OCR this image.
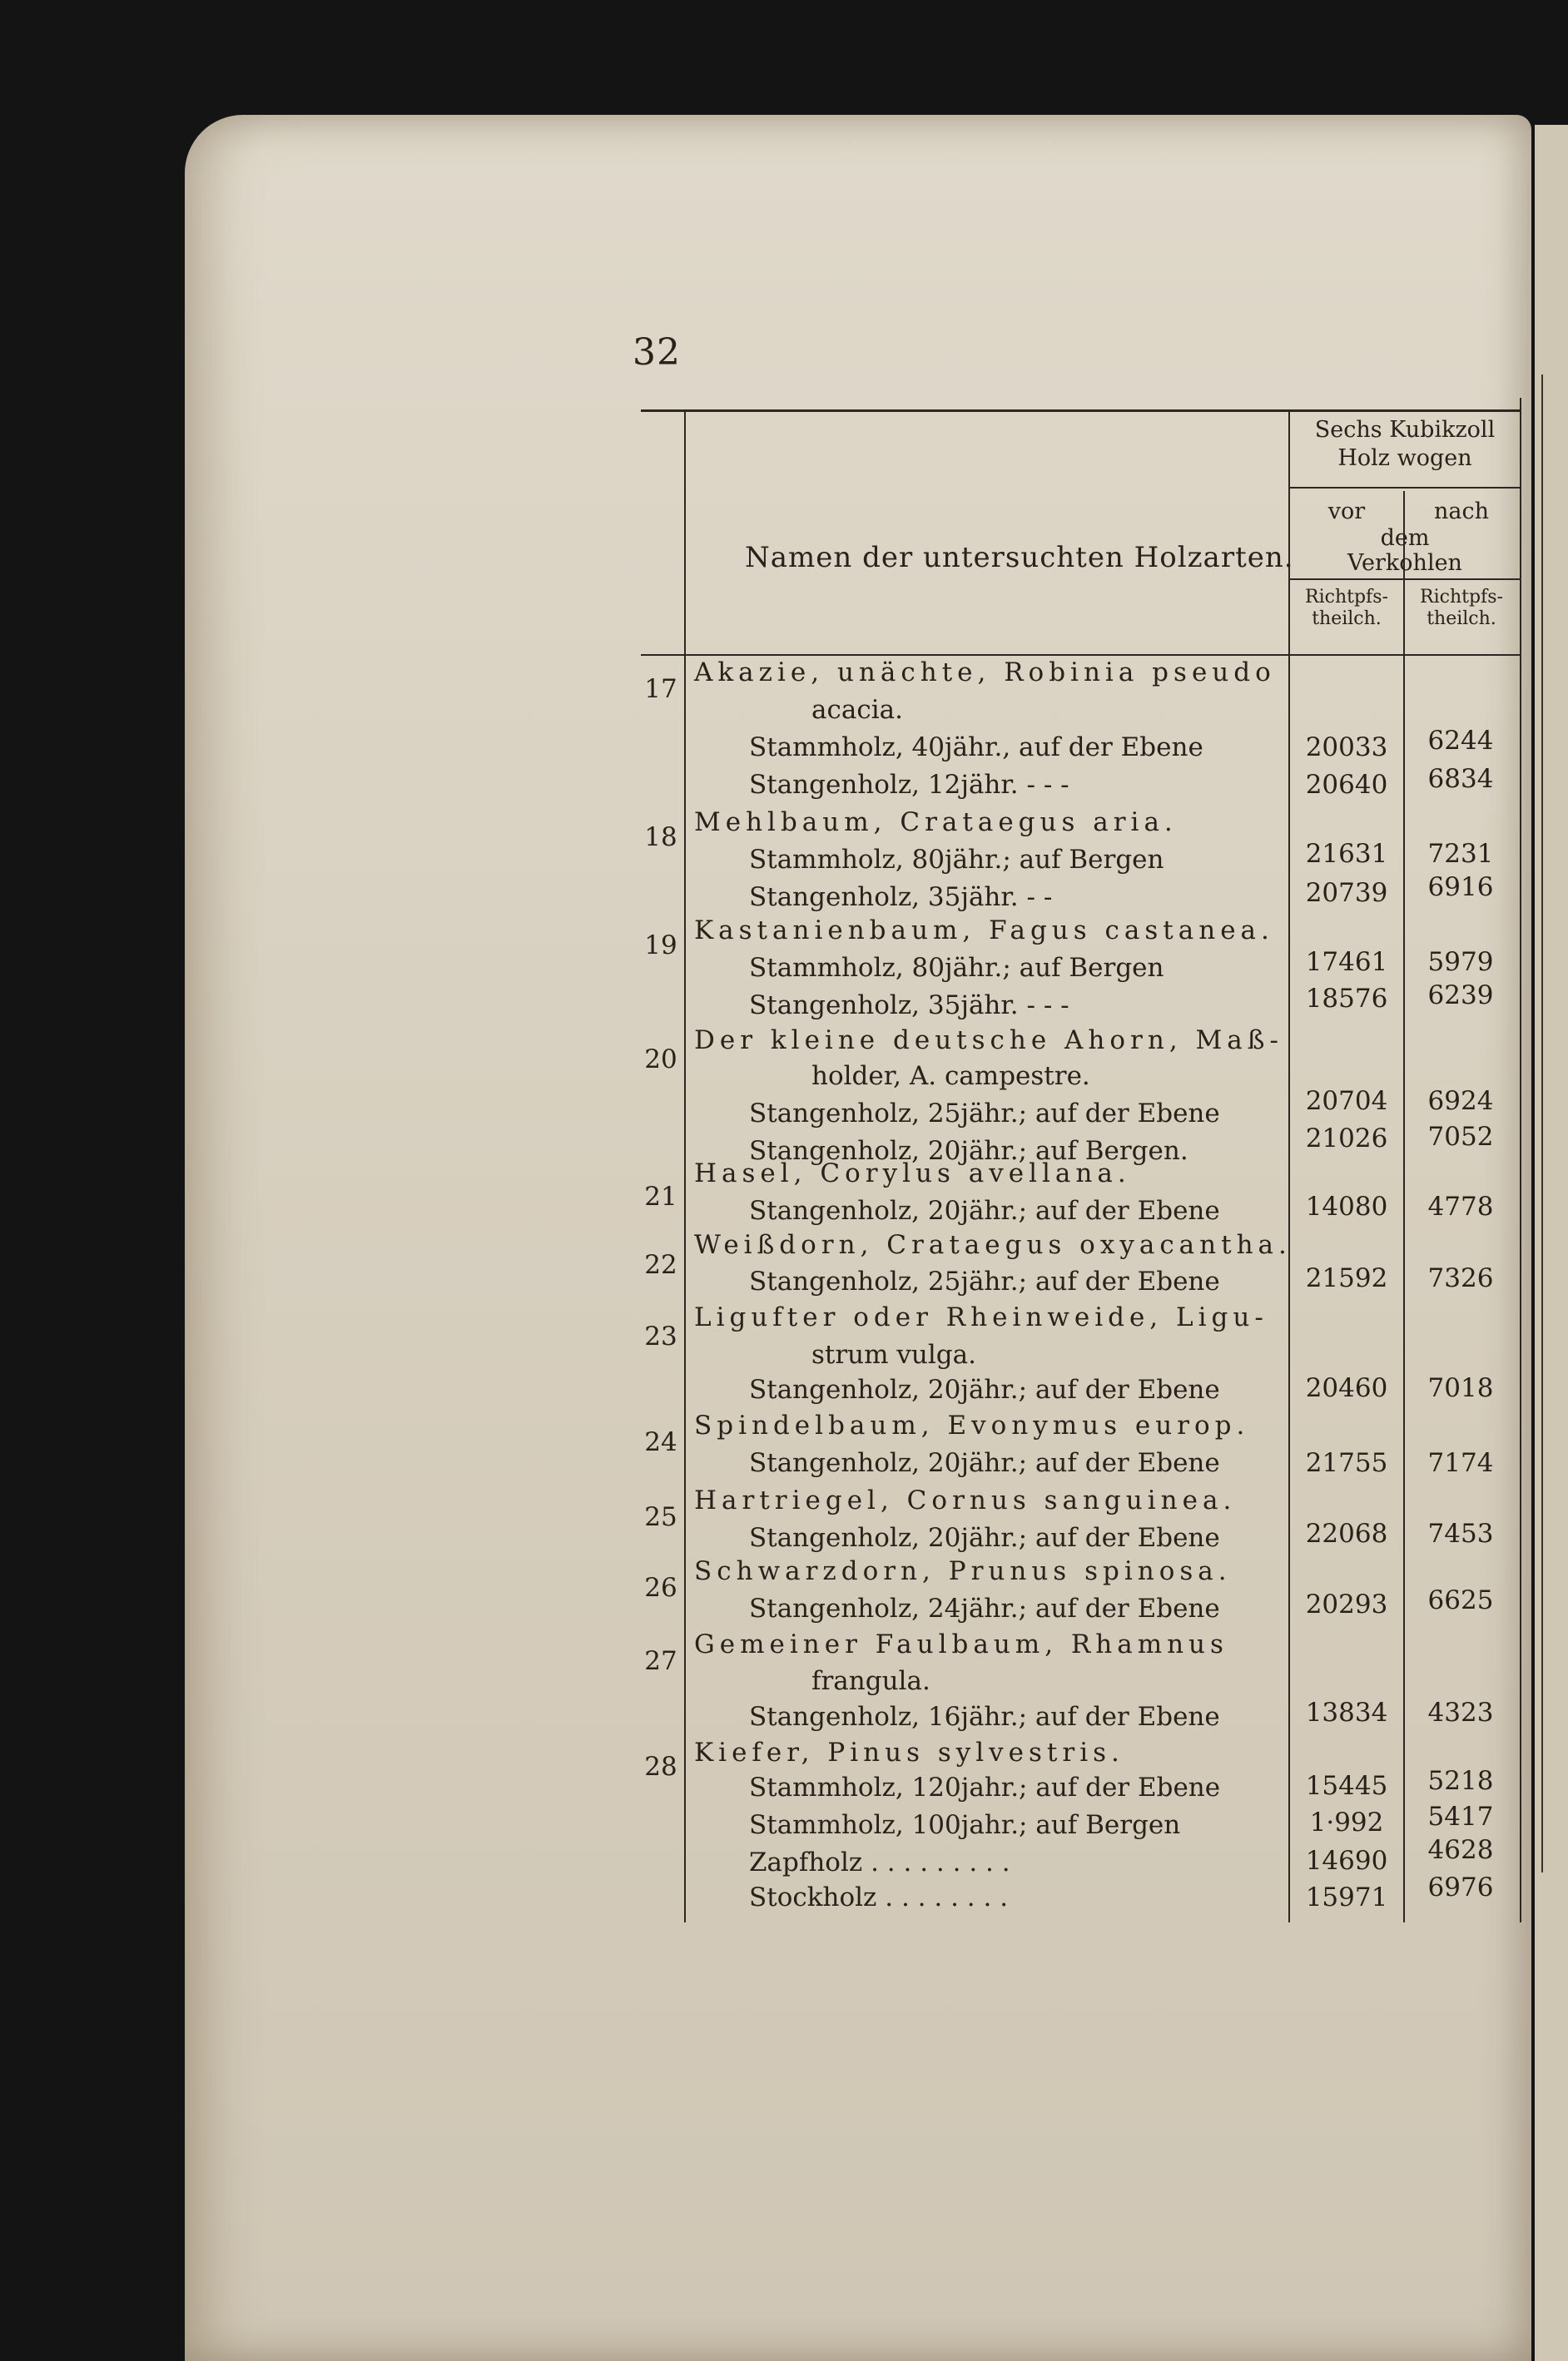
32
Namen der untersuchten Holzarten.
Sechs Kubikzoll Holz wogen
vor	nach
dem
Verkohlen
Richtpfs-theilch.
Richtpfs-theilch.
17
Akazie, unächte, Robinia pseudo
acacia.
Stammholz, 40jähr., auf der Ebene	20033	6244
Stangenholz, 12jähr. - - -	20640	6834
18 Mehlbaum, Crataegus aria.
Stammholz, 80jähr.; auf Bergen	21631	7231
Stangenholz, 35jähr. - -	20739	6916
19 Kastanienbaum, Fagus castanea.
Stammholz, 80jähr.; auf Bergen	17461	5979
Stangenholz, 35jähr. - - -	18576	6239
20
Der kleine deutsche Ahorn, Maß-
holder, A. campestre.
Stangenholz, 25jähr.; auf der Ebene	20704	6924
Stangenholz, 20jähr.; auf Bergen.	21026	7052
21
Hasel, Corylus avellana.
Stangenholz, 20jähr.; auf der Ebene	14080	4778
22
Weißdorn, Crataegus oxyacantha.
Stangenholz, 25jähr.; auf der Ebene	21592	7326
23
Ligufter oder Rheinweide, Ligu-
strum vulga.
Stangenholz, 20jähr.; auf der Ebene	20460	7018
24
Spindelbaum, Evonymus europ.
Stangenholz, 20jähr.; auf der Ebene	21755	7174
25
Hartriegel, Cornus sanguinea.
Stangenholz, 20jähr.; auf der Ebene	22068	7453
26
Schwarzdorn, Prunus spinosa.
Stangenholz, 24jähr.; auf der Ebene	20293	6625
27
Gemeiner Faulbaum, Rhamnus
frangula.
Stangenholz, 16jähr.; auf der Ebene	13834	4323
28 Kiefer, Pinus sylvestris.
Stammholz, 120jahr.; auf der Ebene	15445	5218
Stammholz, 100jahr.; auf Bergen	1·992	5417
Zapfholz . . . . . . . . .	14690	4628
Stockholz . . . . . . . .	15971	6976
